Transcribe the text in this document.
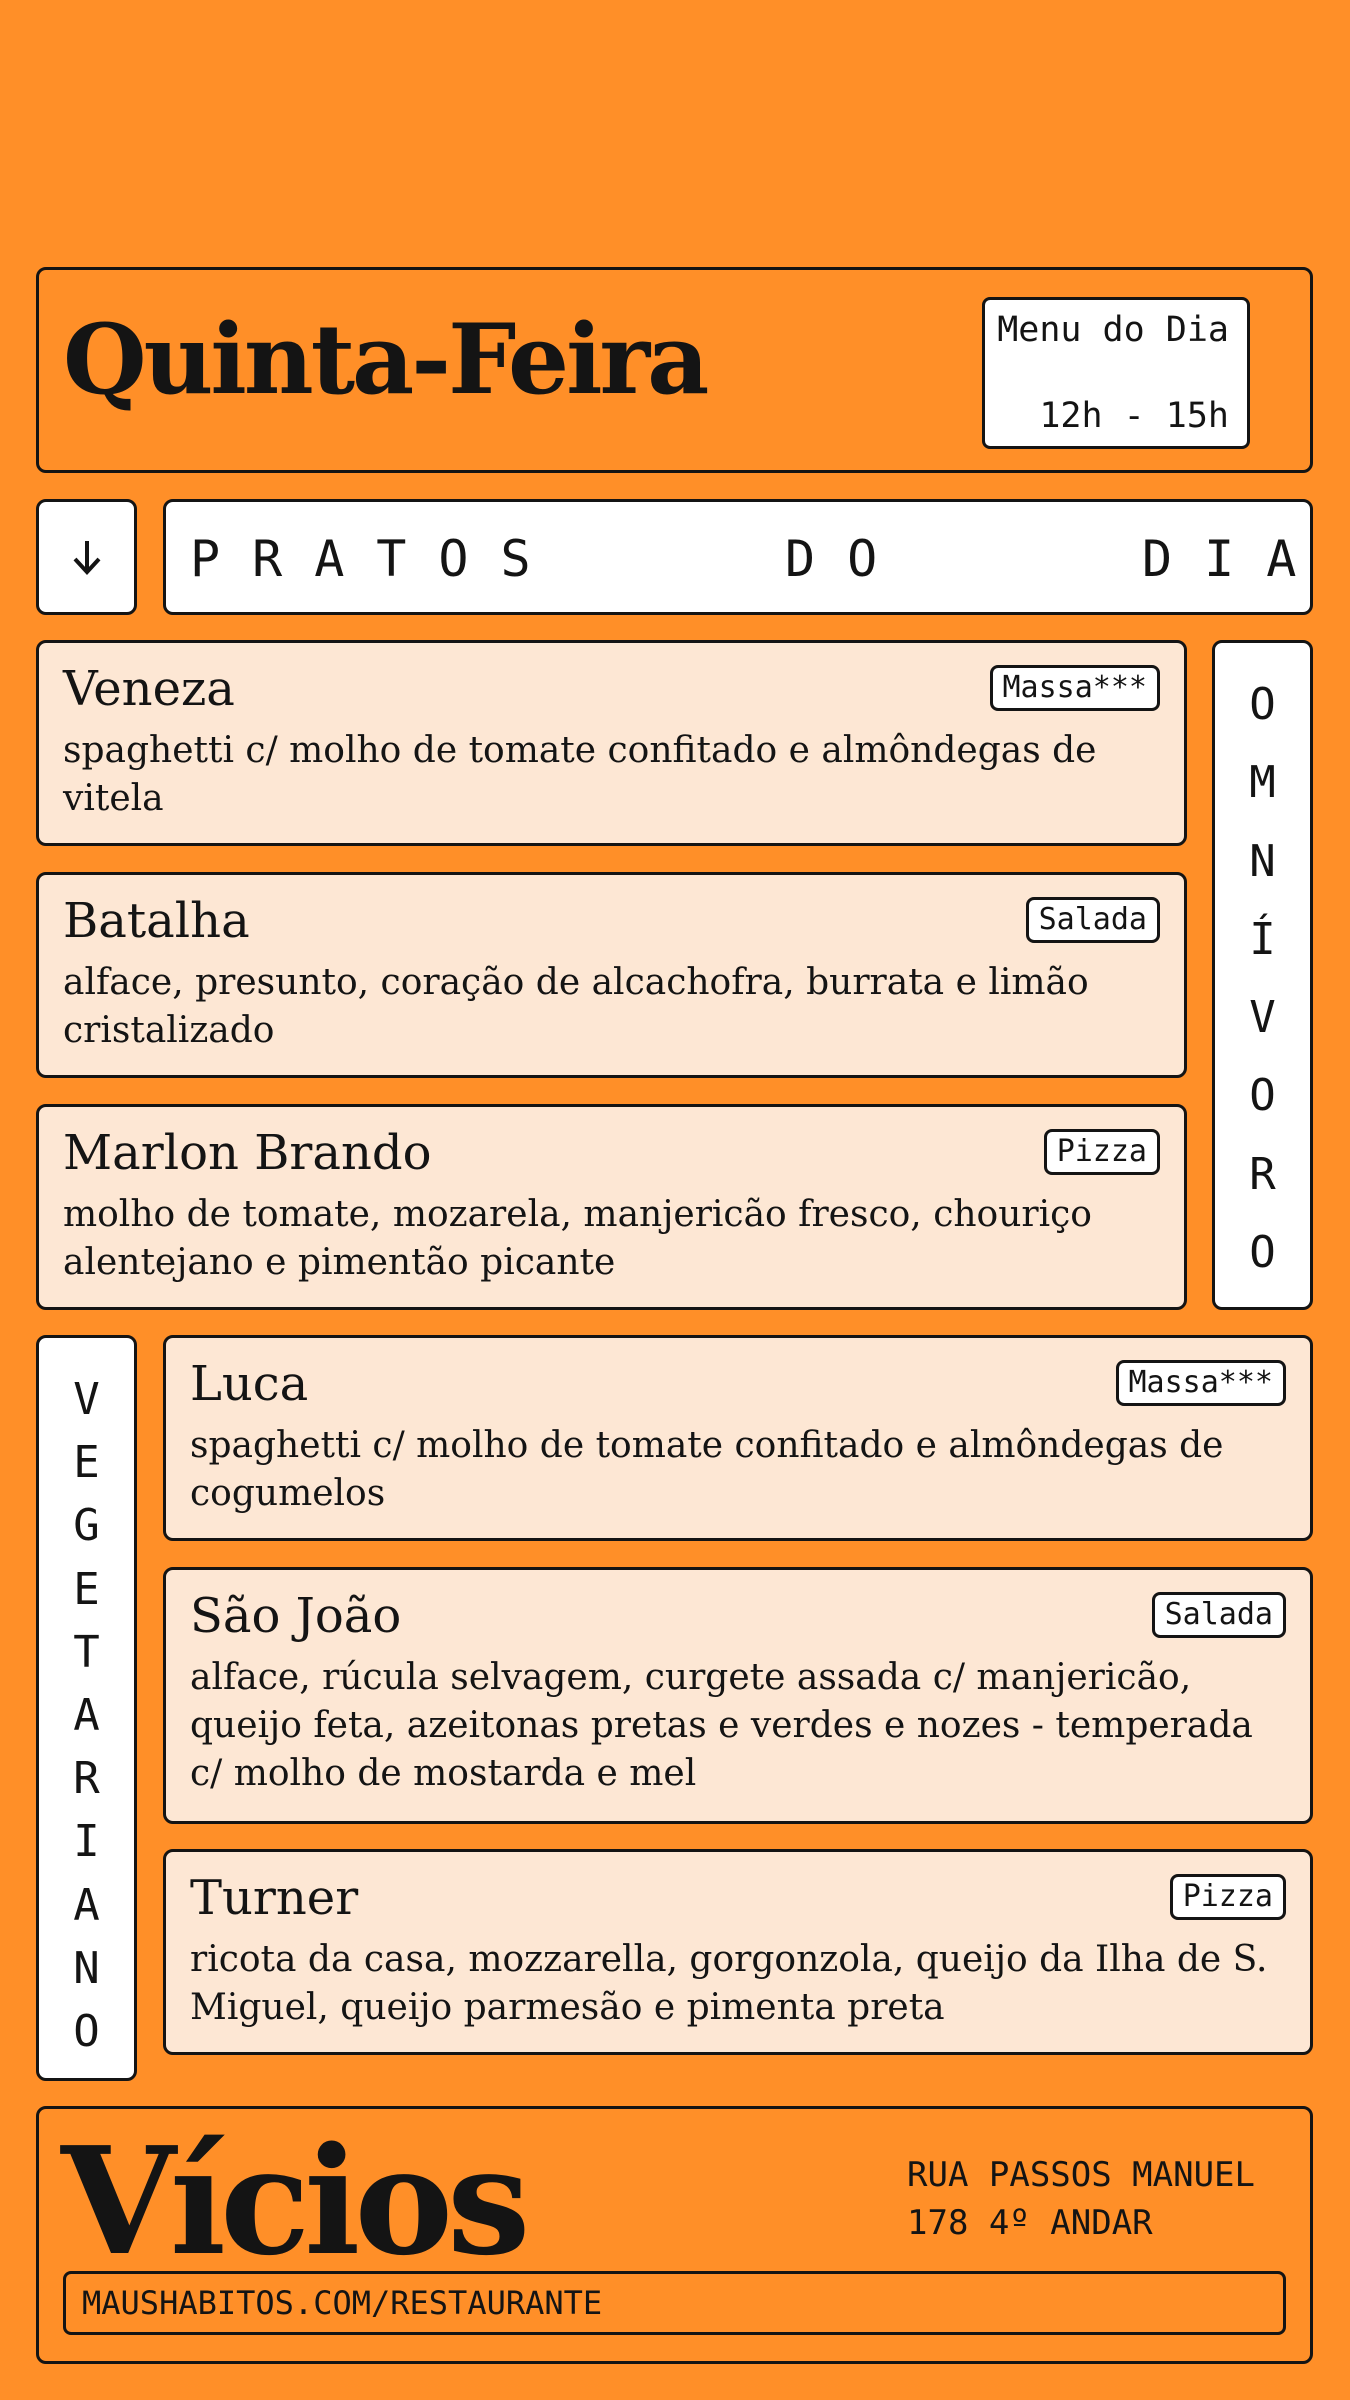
Quinta-Feira	Menu do Dia
12h - 15h
PRATOS	DO	DIA
Veneza	Massa***
spaghetti c/ molho de tomate confitado e almôndegas de vitela
Batalha	Salada
alface, presunto, coração de alcachofra, burrata e limão cristalizado
Marlon Brando	Pizza
molho de tomate, mozarela, manjericão fresco, chouriço alentejano e pimentão picante
O
M
N
Í
V
O
R
O
V
E
G
E
T
A
R
I
A
N
O
Luca	Massa***
spaghetti c/ molho de tomate confitado e almôndegas de cogumelos
São João	Salada
alface, rúcula selvagem, curgete assada c/ manjericão, queijo feta, azeitonas pretas e verdes e nozes - temperada c/ molho de mostarda e mel
Turner	Pizza
ricota da casa, mozzarella, gorgonzola, queijo da Ilha de S. Miguel, queijo parmesão e pimenta preta
Vícios	RUA PASSOS MANUEL
178 4º ANDAR
MAUSHABITOS.COM/RESTAURANTE
